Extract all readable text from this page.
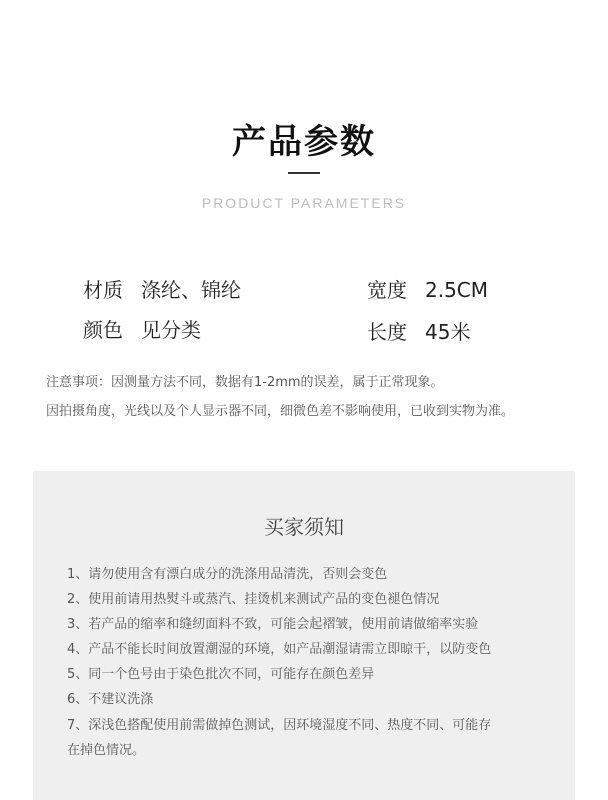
产品参数
PRODUCT PARAMETERS
材质 涤纶、锦纶	宽度 2.5CM
颜色 见分类	长度 45米
注意事项：因测量方法不同，数据有1-2mm的误差，属于正常现象。
因拍摄角度，光线以及个人显示器不同，细微色差不影响使用，已收到实物为准。
买家须知
1、请勿使用含有漂白成分的洗涤用品清洗，否则会变色
2、使用前请用热熨斗或蒸汽、挂烫机来测试产品的变色褪色情况
3、若产品的缩率和缝纫面料不致，可能会起褶皱，使用前请做缩率实验
4、产品不能长时间放置潮湿的环境，如产品潮湿请需立即晾干，以防变色
5、同一个色号由于染色批次不同，可能存在颜色差异
6、不建议洗涤
7、深浅色搭配使用前需做掉色测试，因环境湿度不同、热度不同、可能存
在掉色情况。
